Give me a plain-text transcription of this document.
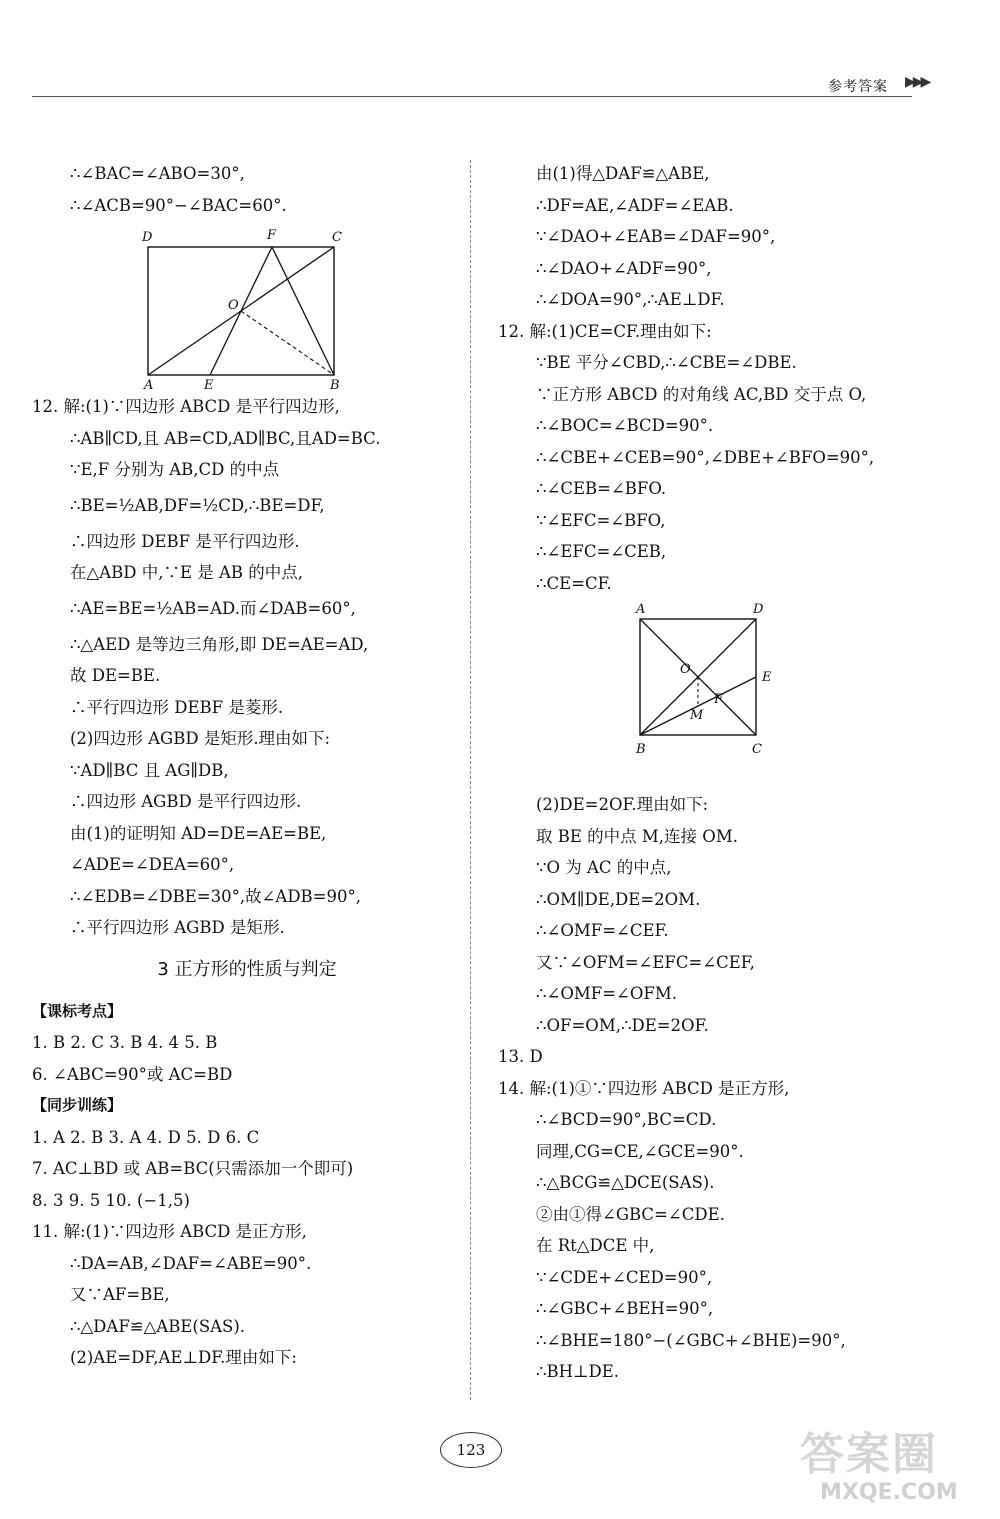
参考答案 ▶▶▶
∴∠BAC=∠ABO=30°,
∴∠ACB=90°−∠BAC=60°.
D	F	C
O
A	E	B
12. 解:(1)∵四边形 ABCD 是平行四边形,
∴AB∥CD,且 AB=CD,AD∥BC,且AD=BC.
∵E,F 分别为 AB,CD 的中点
∴BE=½AB,DF=½CD,∴BE=DF,
∴四边形 DEBF 是平行四边形.
在△ABD 中,∵E 是 AB 的中点,
∴AE=BE=½AB=AD.而∠DAB=60°,
∴△AED 是等边三角形,即 DE=AE=AD,
故 DE=BE.
∴平行四边形 DEBF 是菱形.
(2)四边形 AGBD 是矩形.理由如下:
∵AD∥BC 且 AG∥DB,
∴四边形 AGBD 是平行四边形.
由(1)的证明知 AD=DE=AE=BE,
∠ADE=∠DEA=60°,
∴∠EDB=∠DBE=30°,故∠ADB=90°,
∴平行四边形 AGBD 是矩形.
3 正方形的性质与判定
【课标考点】
1. B 2. C 3. B 4. 4 5. B
6. ∠ABC=90°或 AC=BD
【同步训练】
1. A 2. B 3. A 4. D 5. D 6. C
7. AC⊥BD 或 AB=BC(只需添加一个即可)
8. 3 9. 5 10. (−1,5)
11. 解:(1)∵四边形 ABCD 是正方形,
∴DA=AB,∠DAF=∠ABE=90°.
又∵AF=BE,
∴△DAF≌△ABE(SAS).
(2)AE=DF,AE⊥DF.理由如下:
由(1)得△DAF≌△ABE,
∴DF=AE,∠ADF=∠EAB.
∵∠DAO+∠EAB=∠DAF=90°,
∴∠DAO+∠ADF=90°,
∴∠DOA=90°,∴AE⊥DF.
12. 解:(1)CE=CF.理由如下:
∵BE 平分∠CBD,∴∠CBE=∠DBE.
∵正方形 ABCD 的对角线 AC,BD 交于点 O,
∴∠BOC=∠BCD=90°.
∴∠CBE+∠CEB=90°,∠DBE+∠BFO=90°,
∴∠CEB=∠BFO.
∵∠EFC=∠BFO,
∴∠EFC=∠CEB,
∴CE=CF.
A	D
O
E
F
M
B	C
(2)DE=2OF.理由如下:
取 BE 的中点 M,连接 OM.
∵O 为 AC 的中点,
∴OM∥DE,DE=2OM.
∴∠OMF=∠CEF.
又∵∠OFM=∠EFC=∠CEF,
∴∠OMF=∠OFM.
∴OF=OM,∴DE=2OF.
13. D
14. 解:(1)①∵四边形 ABCD 是正方形,
∴∠BCD=90°,BC=CD.
同理,CG=CE,∠GCE=90°.
∴△BCG≌△DCE(SAS).
②由①得∠GBC=∠CDE.
在 Rt△DCE 中,
∵∠CDE+∠CED=90°,
∴∠GBC+∠BEH=90°,
∴∠BHE=180°−(∠GBC+∠BHE)=90°,
∴BH⊥DE.
123	答案圈
MXQE.COM
